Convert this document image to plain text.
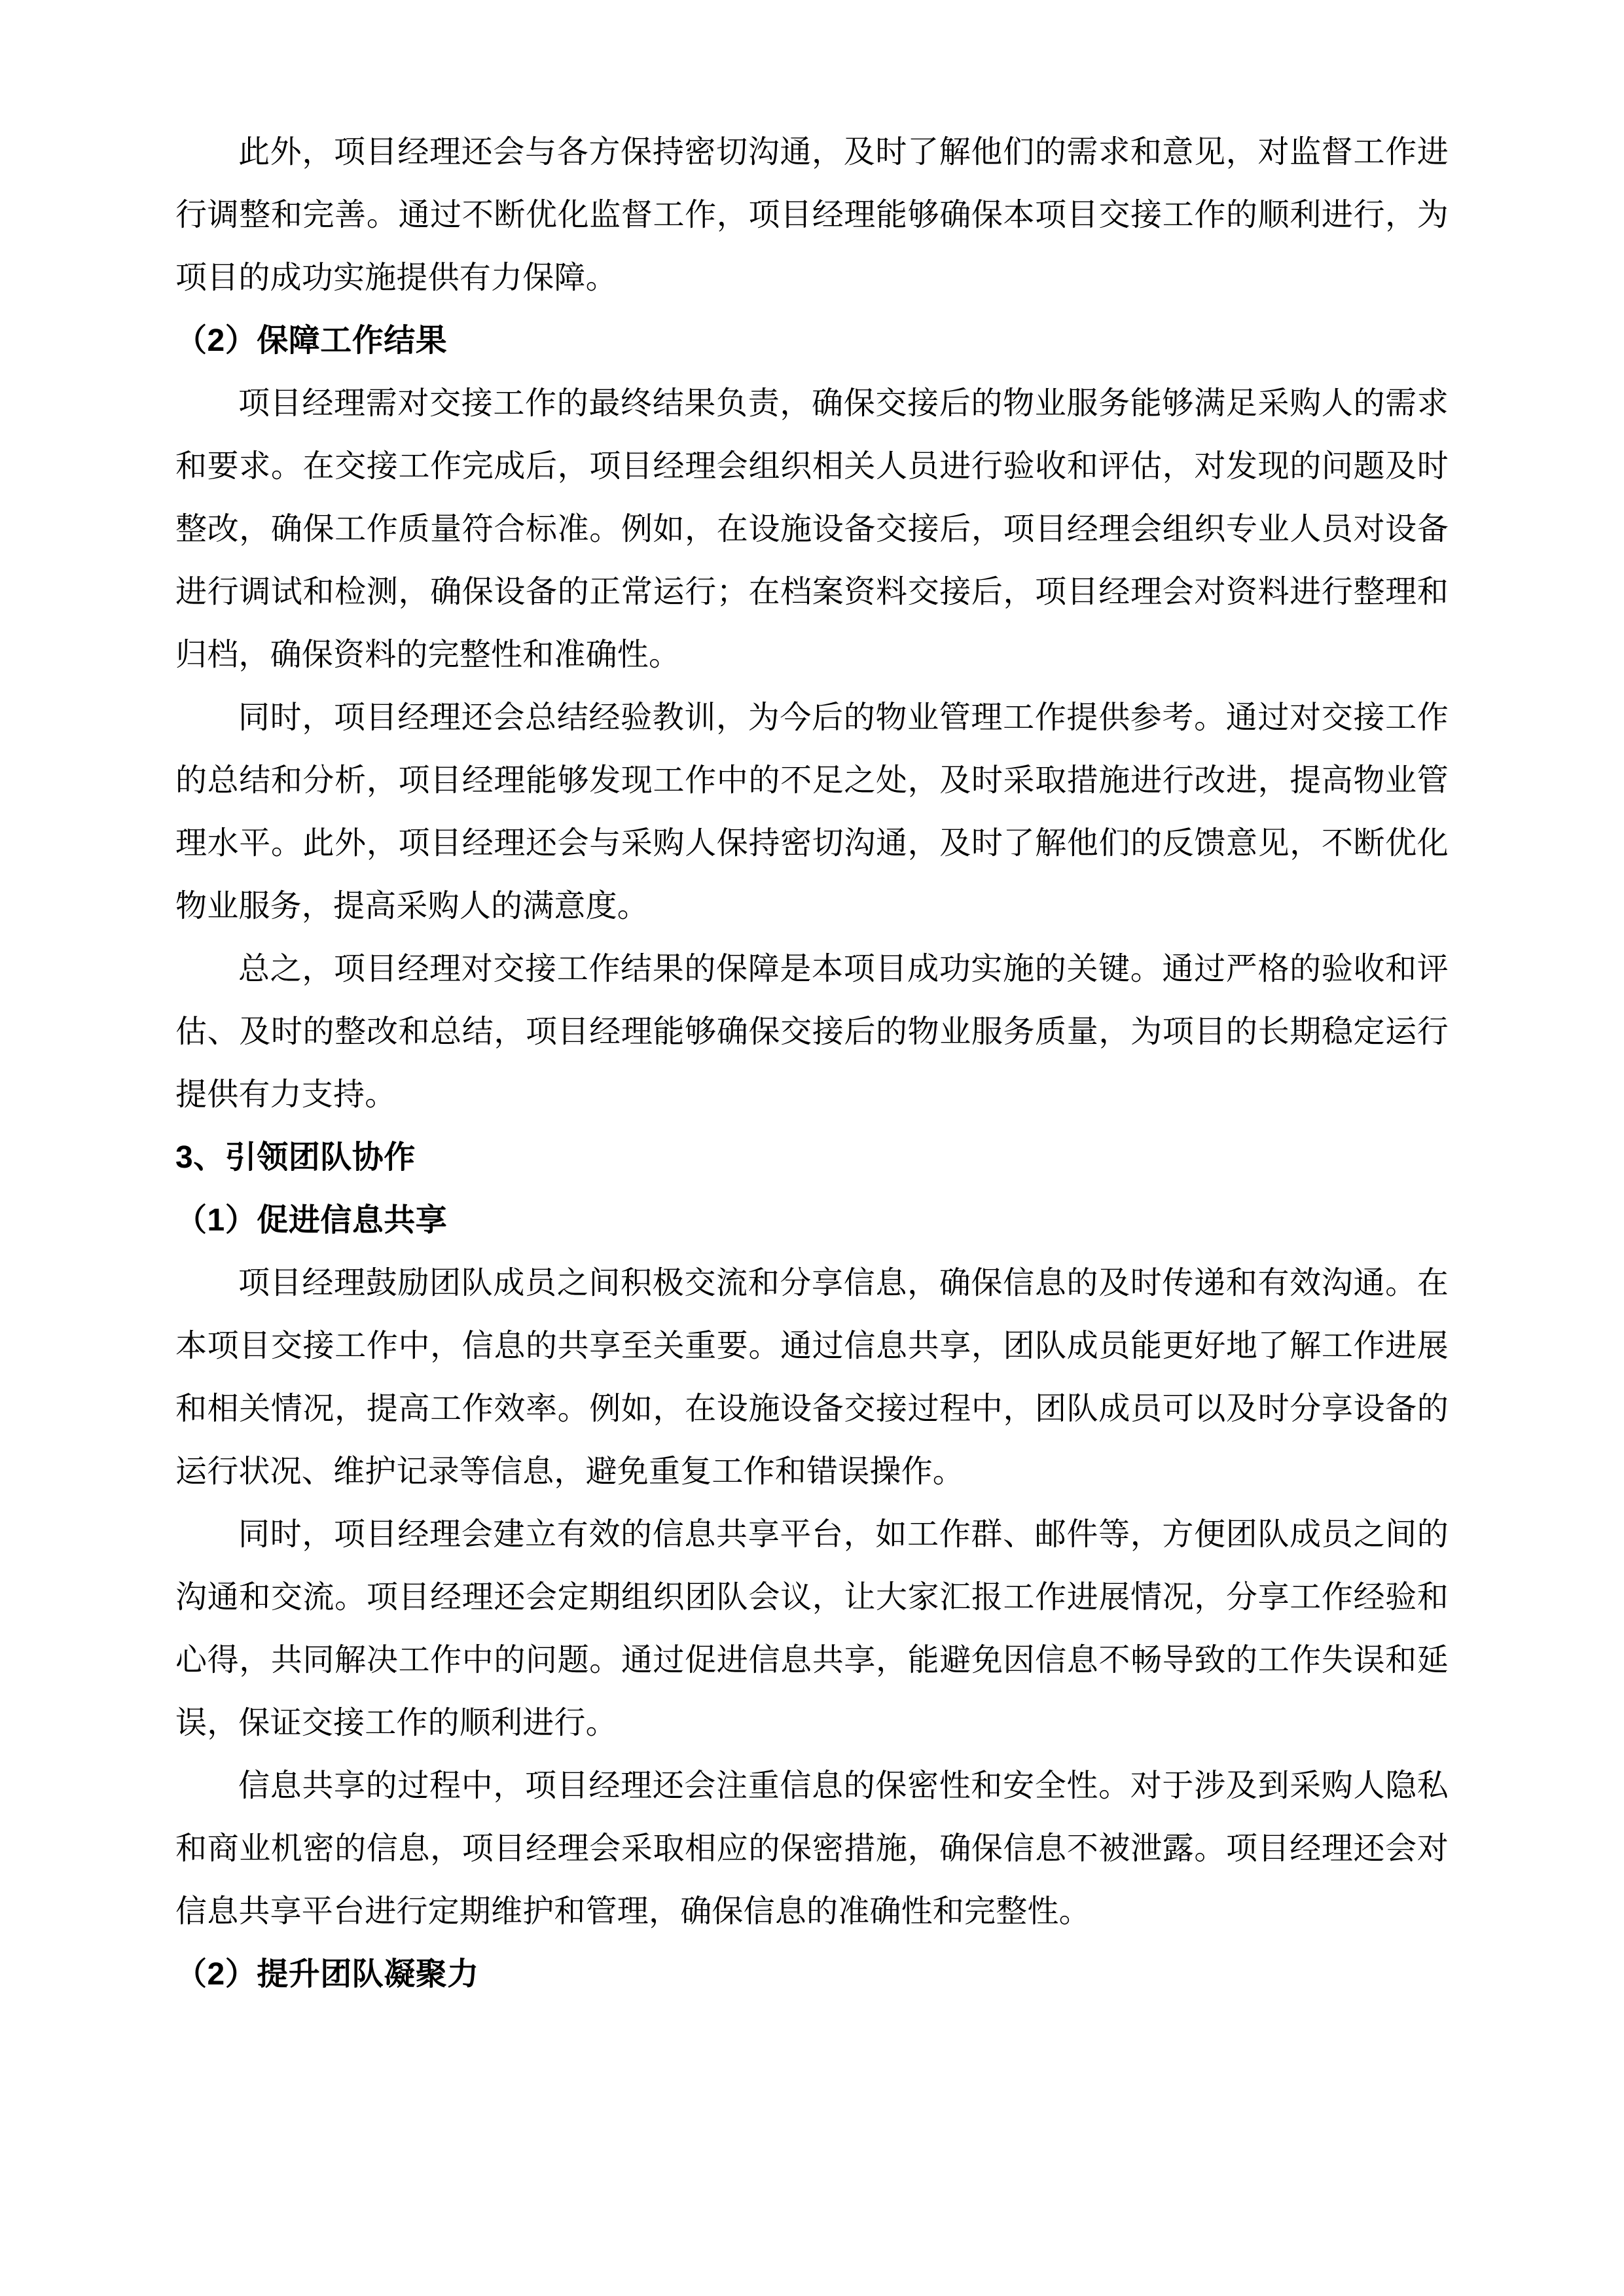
此外，项目经理还会与各方保持密切沟通，及时了解他们的需求和意见，对监督工作进行调整和完善。通过不断优化监督工作，项目经理能够确保本项目交接工作的顺利进行，为项目的成功实施提供有力保障。

（2）保障工作结果

项目经理需对交接工作的最终结果负责，确保交接后的物业服务能够满足采购人的需求和要求。在交接工作完成后，项目经理会组织相关人员进行验收和评估，对发现的问题及时整改，确保工作质量符合标准。例如，在设施设备交接后，项目经理会组织专业人员对设备进行调试和检测，确保设备的正常运行；在档案资料交接后，项目经理会对资料进行整理和归档，确保资料的完整性和准确性。

同时，项目经理还会总结经验教训，为今后的物业管理工作提供参考。通过对交接工作的总结和分析，项目经理能够发现工作中的不足之处，及时采取措施进行改进，提高物业管理水平。此外，项目经理还会与采购人保持密切沟通，及时了解他们的反馈意见，不断优化物业服务，提高采购人的满意度。

总之，项目经理对交接工作结果的保障是本项目成功实施的关键。通过严格的验收和评估、及时的整改和总结，项目经理能够确保交接后的物业服务质量，为项目的长期稳定运行提供有力支持。

3、引领团队协作
（1）促进信息共享

项目经理鼓励团队成员之间积极交流和分享信息，确保信息的及时传递和有效沟通。在本项目交接工作中，信息的共享至关重要。通过信息共享，团队成员能更好地了解工作进展和相关情况，提高工作效率。例如，在设施设备交接过程中，团队成员可以及时分享设备的运行状况、维护记录等信息，避免重复工作和错误操作。

同时，项目经理会建立有效的信息共享平台，如工作群、邮件等，方便团队成员之间的沟通和交流。项目经理还会定期组织团队会议，让大家汇报工作进展情况，分享工作经验和心得，共同解决工作中的问题。通过促进信息共享，能避免因信息不畅导致的工作失误和延误，保证交接工作的顺利进行。

信息共享的过程中，项目经理还会注重信息的保密性和安全性。对于涉及到采购人隐私和商业机密的信息，项目经理会采取相应的保密措施，确保信息不被泄露。项目经理还会对信息共享平台进行定期维护和管理，确保信息的准确性和完整性。

（2）提升团队凝聚力
